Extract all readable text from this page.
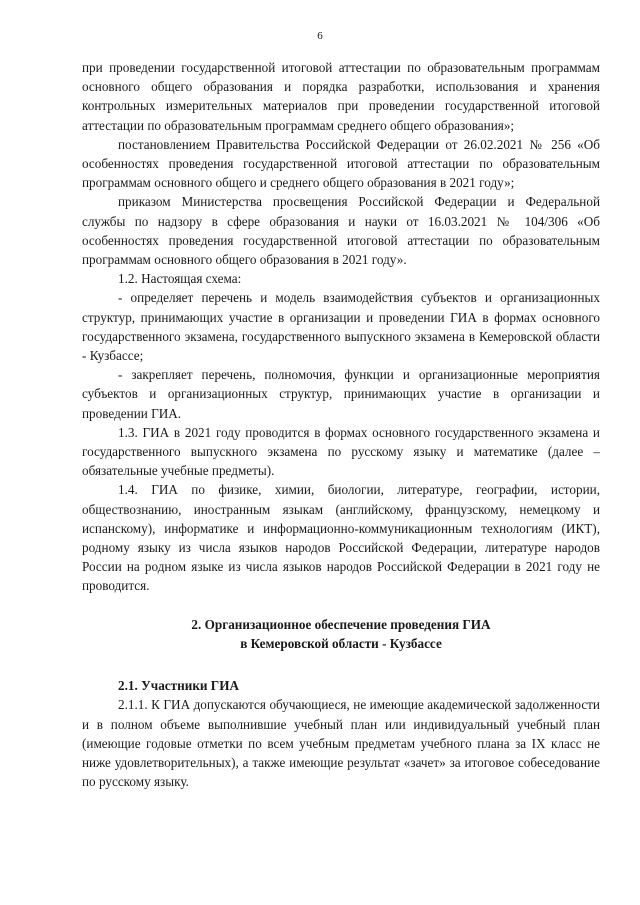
6

при проведении государственной итоговой аттестации по образовательным программам основного общего образования и порядка разработки, использования и хранения контрольных измерительных материалов при проведении государственной итоговой аттестации по образовательным программам среднего общего образования»;

постановлением Правительства Российской Федерации от 26.02.2021 № 256 «Об особенностях проведения государственной итоговой аттестации по образовательным программам основного общего и среднего общего образования в 2021 году»;

приказом Министерства просвещения Российской Федерации и Федеральной службы по надзору в сфере образования и науки от 16.03.2021 № 104/306 «Об особенностях проведения государственной итоговой аттестации по образовательным программам основного общего образования в 2021 году».

1.2. Настоящая схема:

- определяет перечень и модель взаимодействия субъектов и организационных структур, принимающих участие в организации и проведении ГИА в формах основного государственного экзамена, государственного выпускного экзамена в Кемеровской области - Кузбассе;

- закрепляет перечень, полномочия, функции и организационные мероприятия субъектов и организационных структур, принимающих участие в организации и проведении ГИА.

1.3. ГИА в 2021 году проводится в формах основного государственного экзамена и государственного выпускного экзамена по русскому языку и математике (далее – обязательные учебные предметы).

1.4. ГИА по физике, химии, биологии, литературе, географии, истории, обществознанию, иностранным языкам (английскому, французскому, немецкому и испанскому), информатике и информационно-коммуникационным технологиям (ИКТ), родному языку из числа языков народов Российской Федерации, литературе народов России на родном языке из числа языков народов Российской Федерации в 2021 году не проводится.

2. Организационное обеспечение проведения ГИА

в Кемеровской области - Кузбассе

2.1. Участники ГИА

2.1.1. К ГИА допускаются обучающиеся, не имеющие академической задолженности и в полном объеме выполнившие учебный план или индивидуальный учебный план (имеющие годовые отметки по всем учебным предметам учебного плана за IX класс не ниже удовлетворительных), а также имеющие результат «зачет» за итоговое собеседование по русскому языку.
